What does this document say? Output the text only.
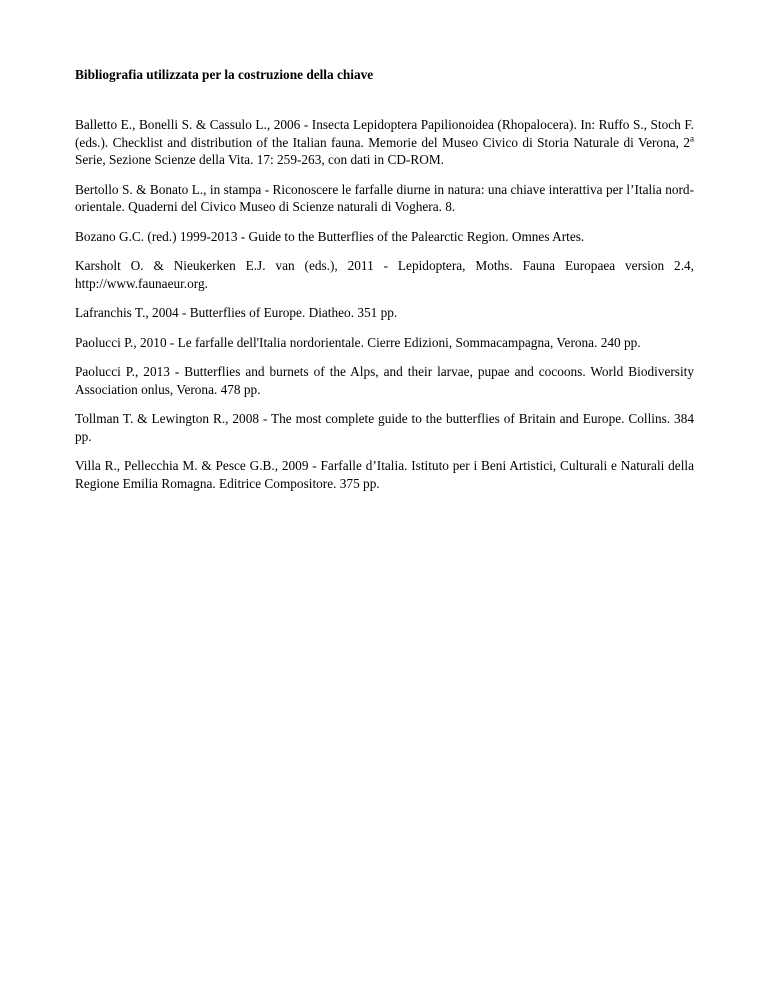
Bibliografia utilizzata per la costruzione della chiave

Balletto E., Bonelli S. & Cassulo L., 2006 - Insecta Lepidoptera Papilionoidea (Rhopalocera). In: Ruffo S., Stoch F. (eds.). Checklist and distribution of the Italian fauna. Memorie del Museo Civico di Storia Naturale di Verona, 2$^a$ Serie, Sezione Scienze della Vita. 17: 259-263, con dati in CD-ROM.

Bertollo S. & Bonato L., in stampa - Riconoscere le farfalle diurne in natura: una chiave interattiva per l’Italia nord-orientale. Quaderni del Civico Museo di Scienze naturali di Voghera. 8.

Bozano G.C. (red.) 1999-2013 - Guide to the Butterflies of the Palearctic Region. Omnes Artes.

Karsholt O. & Nieukerken E.J. van (eds.), 2011 - Lepidoptera, Moths. Fauna Europaea version 2.4, http://www.faunaeur.org.

Lafranchis T., 2004 - Butterflies of Europe. Diatheo. 351 pp.

Paolucci P., 2010 - Le farfalle dell'Italia nordorientale. Cierre Edizioni, Sommacampagna, Verona. 240 pp.

Paolucci P., 2013 - Butterflies and burnets of the Alps, and their larvae, pupae and cocoons. World Biodiversity Association onlus, Verona. 478 pp.

Tollman T. & Lewington R., 2008 - The most complete guide to the butterflies of Britain and Europe. Collins. 384 pp.

Villa R., Pellecchia M. & Pesce G.B., 2009 - Farfalle d’Italia. Istituto per i Beni Artistici, Culturali e Naturali della Regione Emilia Romagna. Editrice Compositore. 375 pp.
